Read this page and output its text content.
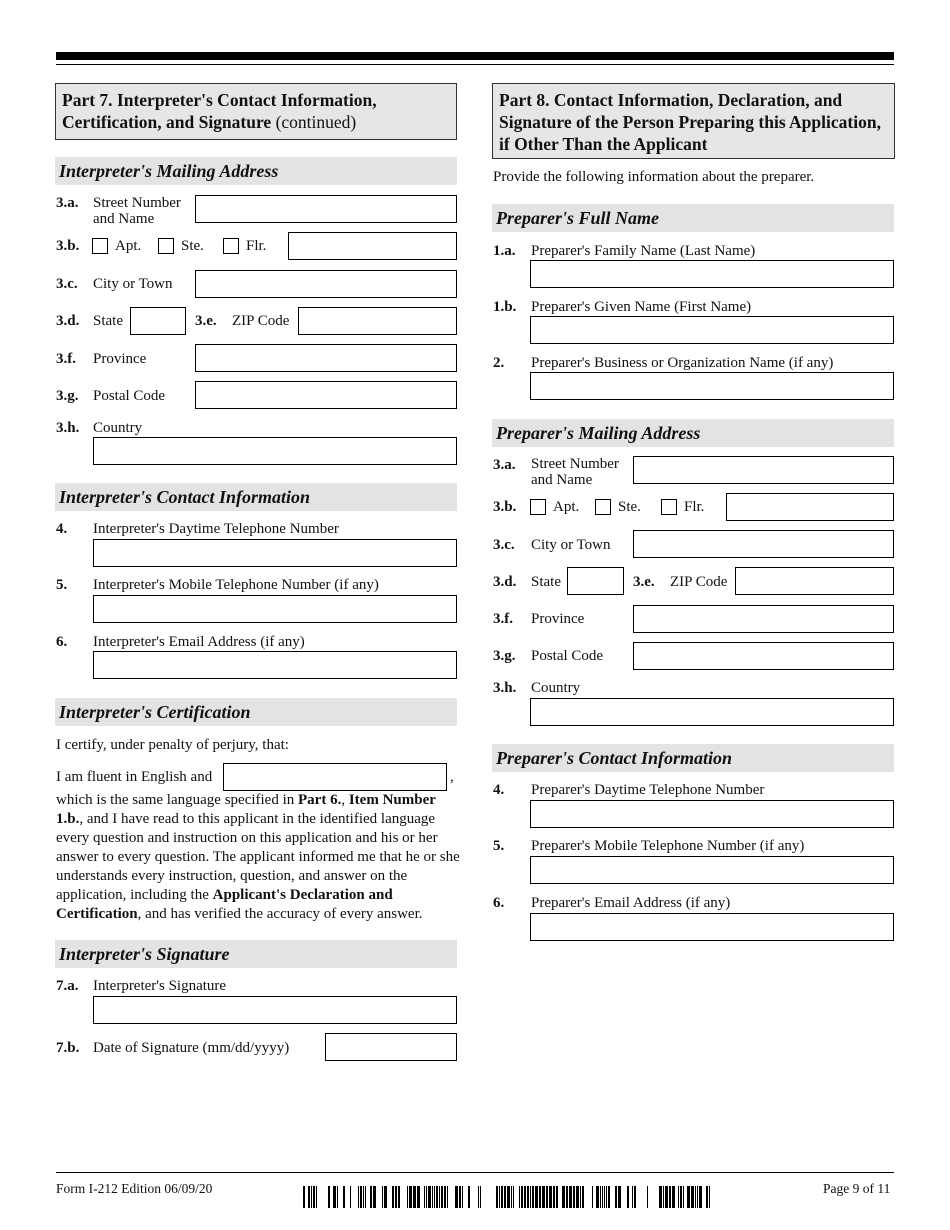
Part 7. Interpreter's Contact Information, Certification, and Signature (continued)
Interpreter's Mailing Address
3.a. Street Number
and Name
3.b. Apt.	Ste.	Flr.
3.c. City or Town
3.d. State	3.e. ZIP Code
3.f. Province
3.g. Postal Code
3.h. Country
Interpreter's Contact Information
4. Interpreter's Daytime Telephone Number
5. Interpreter's Mobile Telephone Number (if any)
6. Interpreter's Email Address (if any)
Interpreter's Certification
I certify, under penalty of perjury, that:
I am fluent in English and	,
which is the same language specified in Part 6., Item Number 1.b., and I have read to this applicant in the identified language every question and instruction on this application and his or her answer to every question. The applicant informed me that he or she understands every instruction, question, and answer on the application, including the Applicant's Declaration and Certification, and has verified the accuracy of every answer.
Interpreter's Signature
7.a. Interpreter's Signature
7.b. Date of Signature (mm/dd/yyyy)
Part 8. Contact Information, Declaration, and Signature of the Person Preparing this Application, if Other Than the Applicant
Provide the following information about the preparer.
Preparer's Full Name
1.a. Preparer's Family Name (Last Name)
1.b. Preparer's Given Name (First Name)
2. Preparer's Business or Organization Name (if any)
Preparer's Mailing Address
3.a. Street Number
and Name
3.b. Apt.	Ste.	Flr.
3.c. City or Town
3.d. State	3.e. ZIP Code
3.f. Province
3.g. Postal Code
3.h. Country
Preparer's Contact Information
4. Preparer's Daytime Telephone Number
5. Preparer's Mobile Telephone Number (if any)
6. Preparer's Email Address (if any)
Form I-212 Edition 06/09/20	Page 9 of 11
